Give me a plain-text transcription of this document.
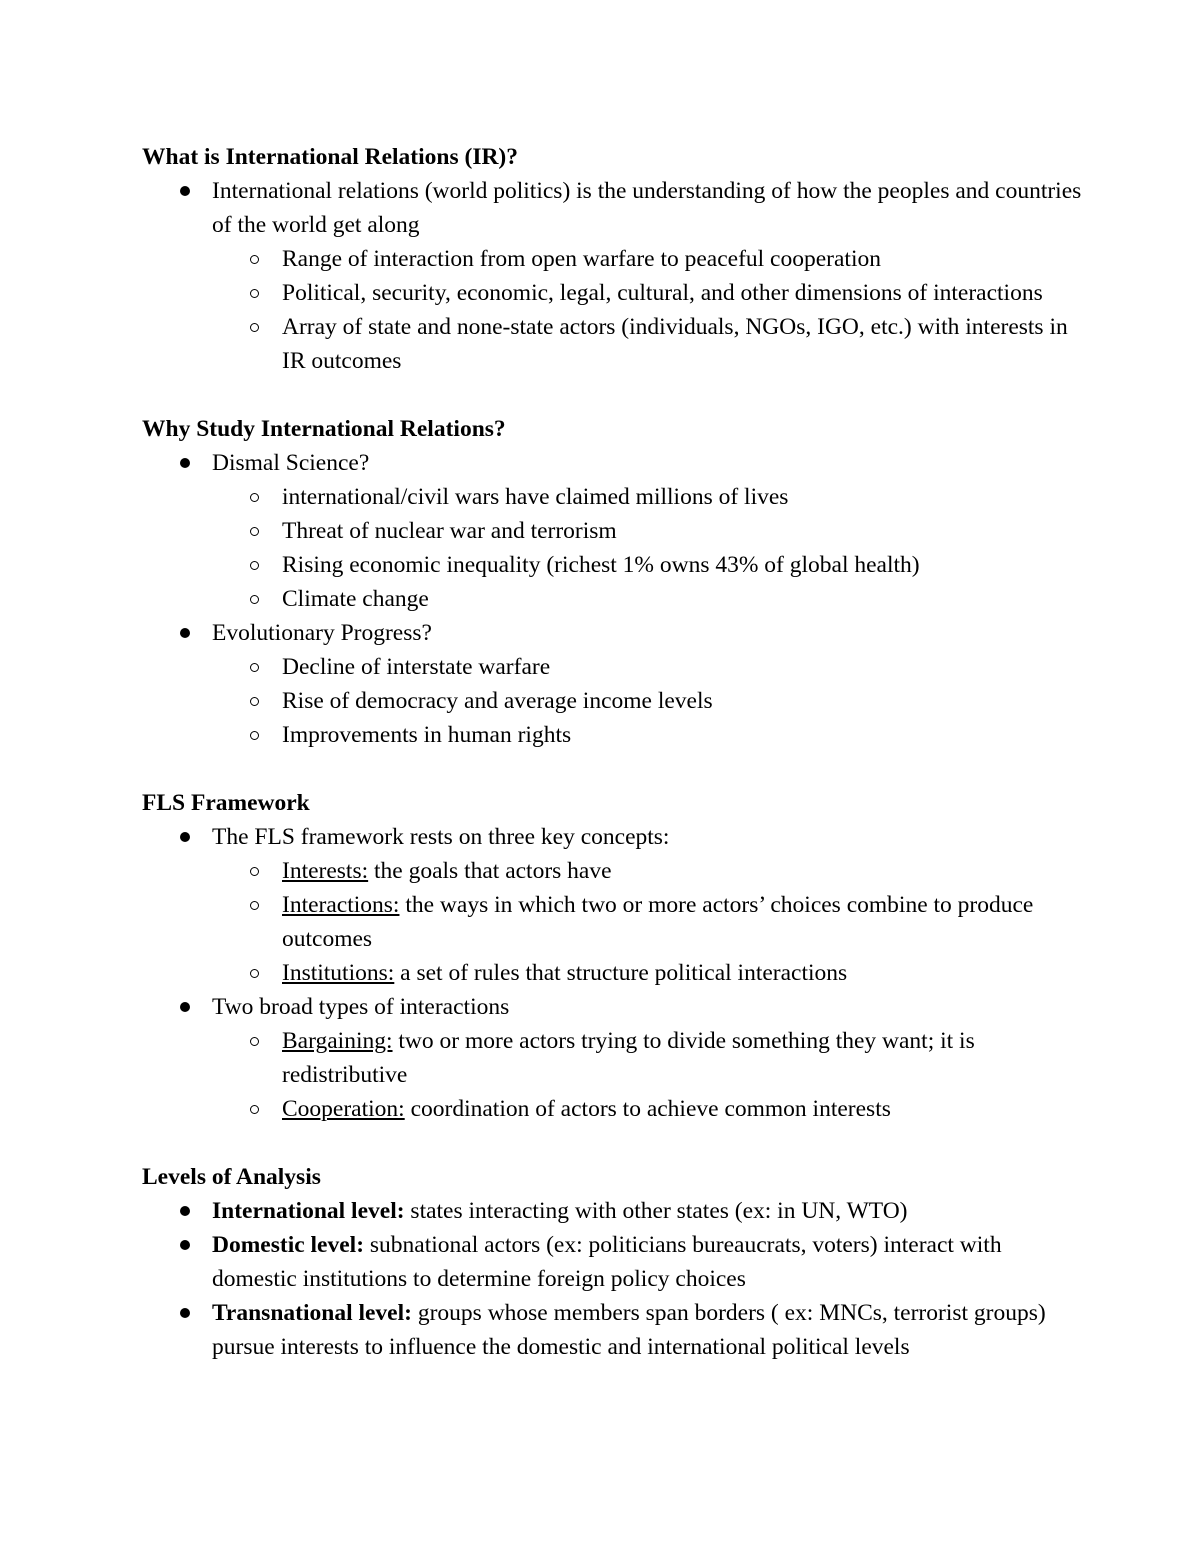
What is International Relations (IR)?
International relations (world politics) is the understanding of how the peoples and countries of the world get along
Range of interaction from open warfare to peaceful cooperation
Political, security, economic, legal, cultural, and other dimensions of interactions
Array of state and none-state actors (individuals, NGOs, IGO, etc.) with interests in IR outcomes
Why Study International Relations?
Dismal Science?
international/civil wars have claimed millions of lives
Threat of nuclear war and terrorism
Rising economic inequality (richest 1% owns 43% of global health)
Climate change
Evolutionary Progress?
Decline of interstate warfare
Rise of democracy and average income levels
Improvements in human rights
FLS Framework
The FLS framework rests on three key concepts:
Interests: the goals that actors have
Interactions: the ways in which two or more actors’ choices combine to produce outcomes
Institutions: a set of rules that structure political interactions
Two broad types of interactions
Bargaining: two or more actors trying to divide something they want; it is redistributive
Cooperation: coordination of actors to achieve common interests
Levels of Analysis
International level: states interacting with other states (ex: in UN, WTO)
Domestic level: subnational actors (ex: politicians bureaucrats, voters) interact with domestic institutions to determine foreign policy choices
Transnational level: groups whose members span borders ( ex: MNCs, terrorist groups) pursue interests to influence the domestic and international political levels
